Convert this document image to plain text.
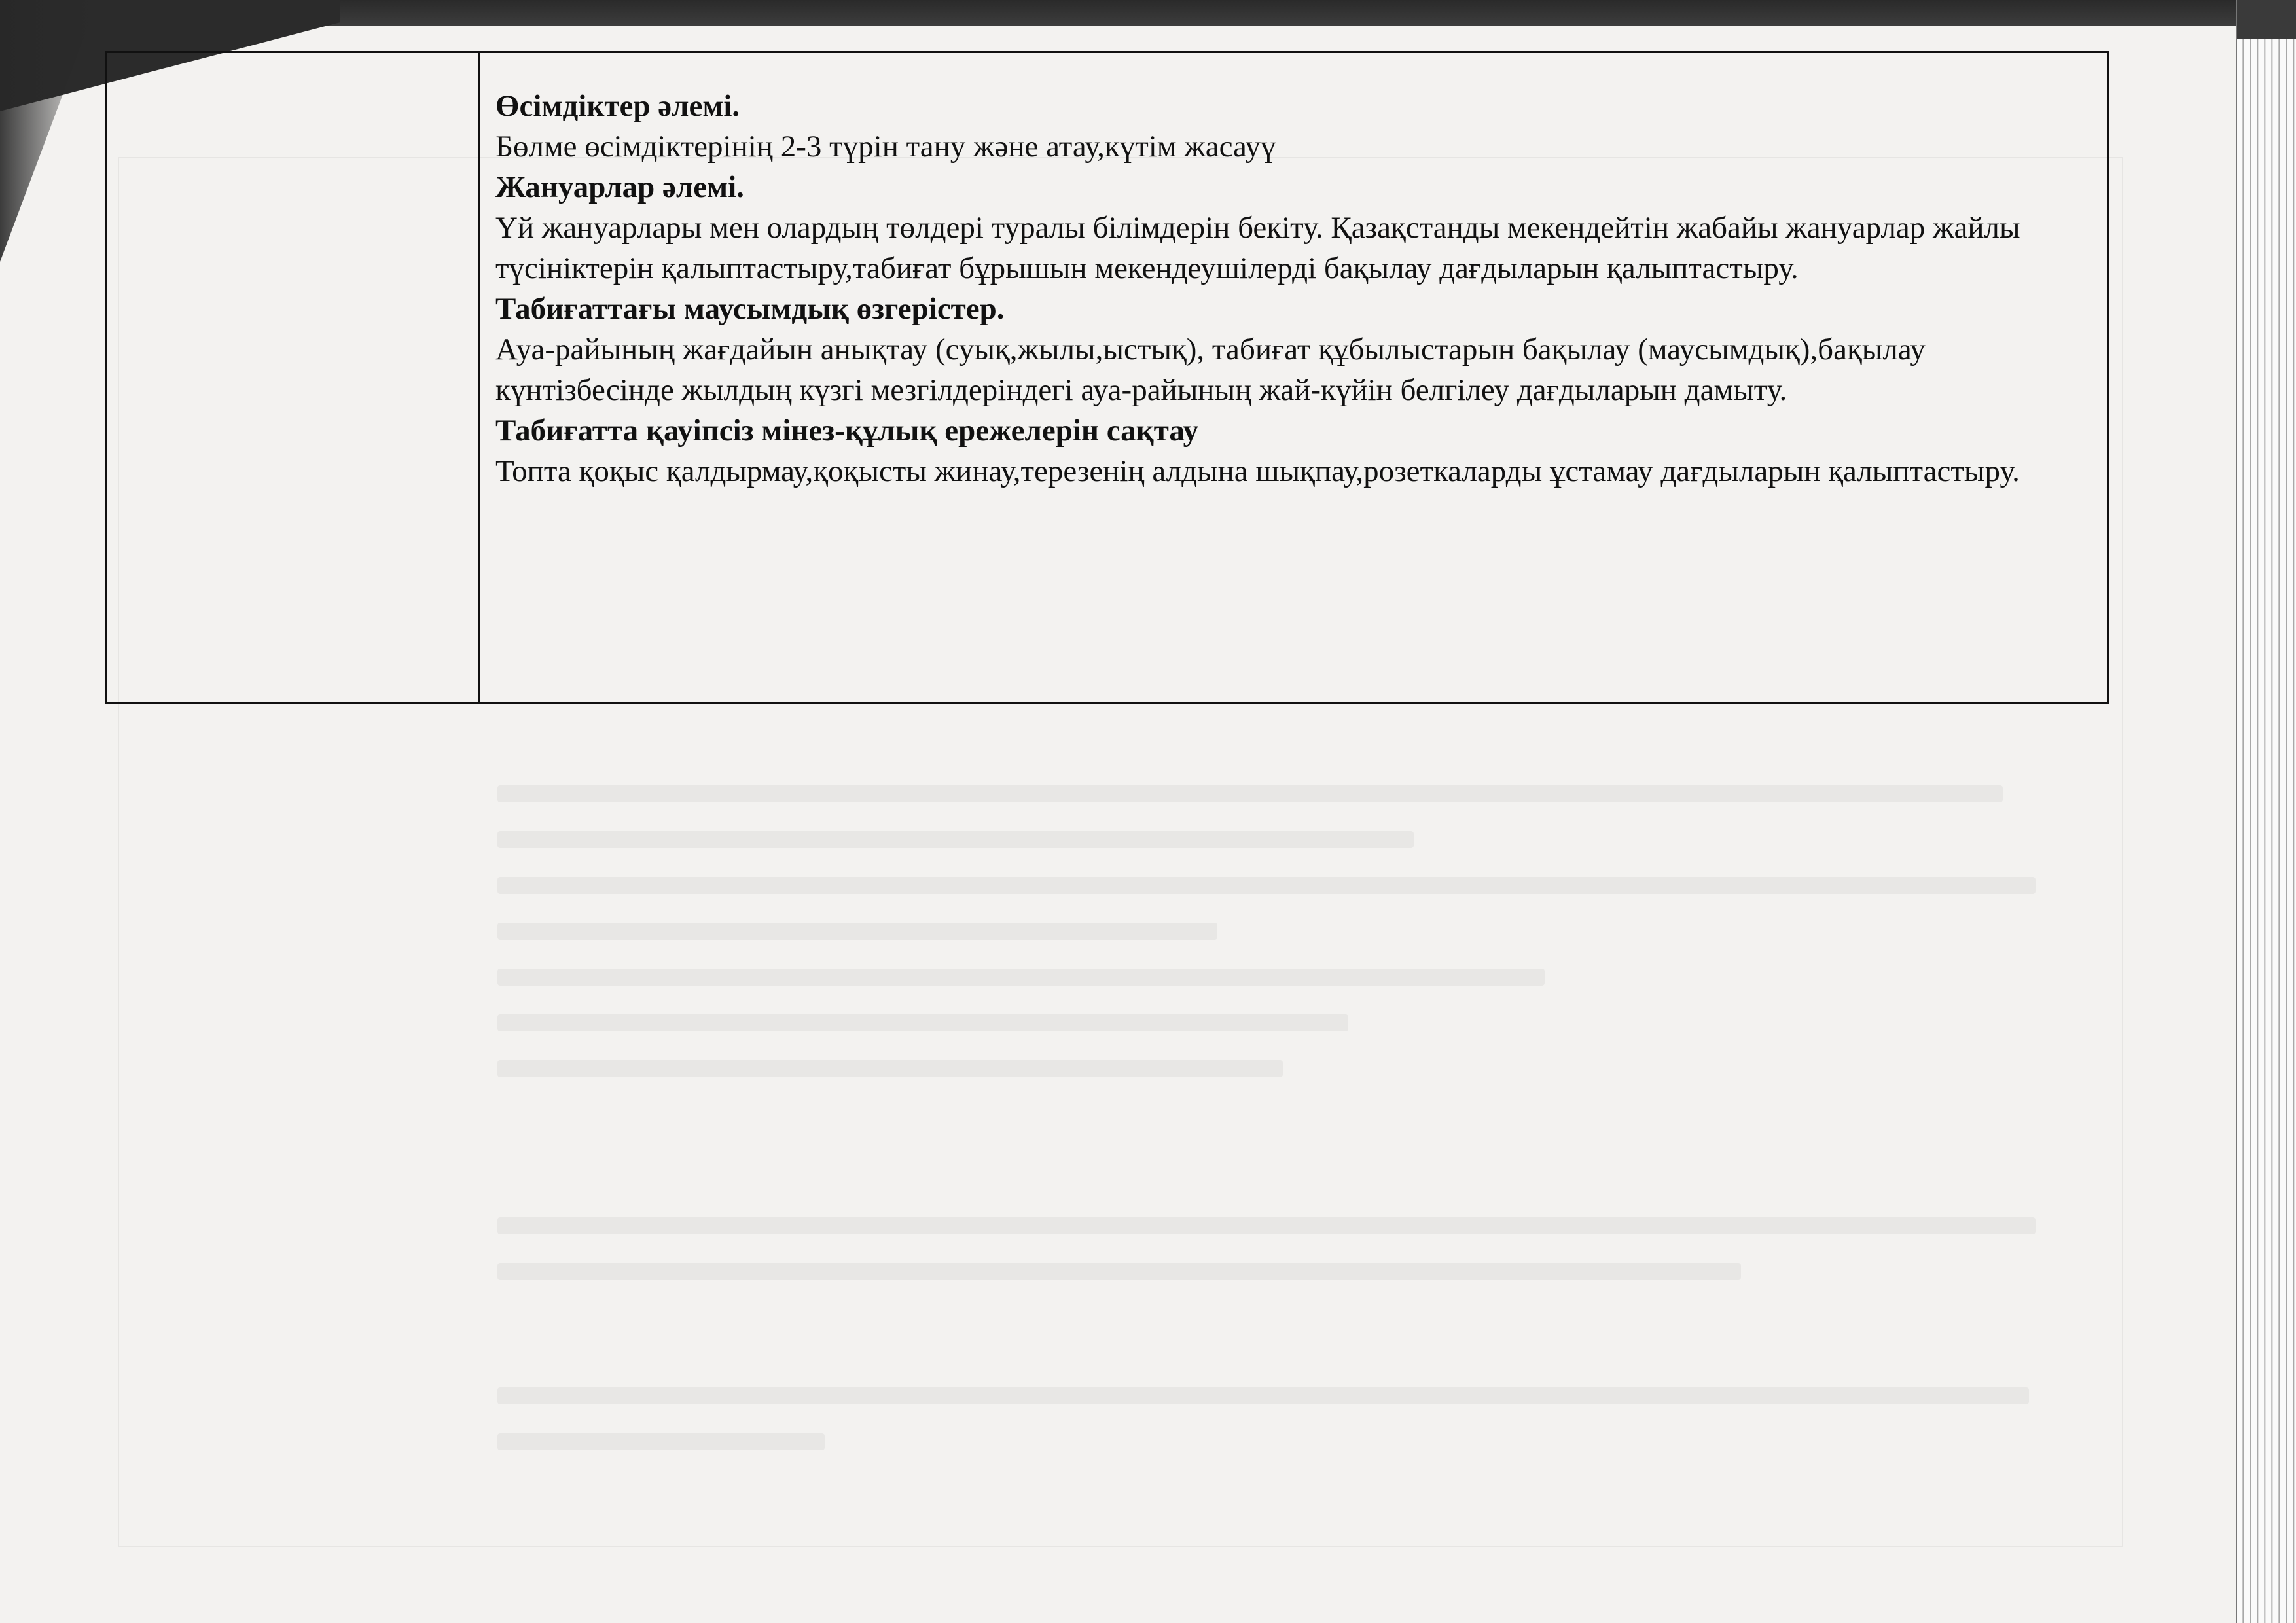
Өсімдіктер әлемі.
Бөлме өсімдіктерінің 2-3 түрін тану және атау,күтім жасауү
Жануарлар әлемі.
Үй жануарлары мен олардың төлдері туралы білімдерін бекіту. Қазақстанды мекендейтін жабайы жануарлар жайлы түсініктерін қалыптастыру,табиғат бұрышын мекендеушілерді бақылау дағдыларын қалыптастыру.
Табиғаттағы маусымдық өзгерістер.
Ауа-райының жағдайын анықтау (суық,жылы,ыстық), табиғат құбылыстарын бақылау (маусымдық),бақылау күнтізбесінде жылдың күзгі мезгілдеріндегі ауа-райының жай-күйін белгілеу дағдыларын дамыту.
Табиғатта қауіпсіз мінез-құлық ережелерін сақтау
Топта қоқыс қалдырмау,қоқысты жинау,терезенің алдына шықпау,розеткаларды ұстамау дағдыларын қалыптастыру.
